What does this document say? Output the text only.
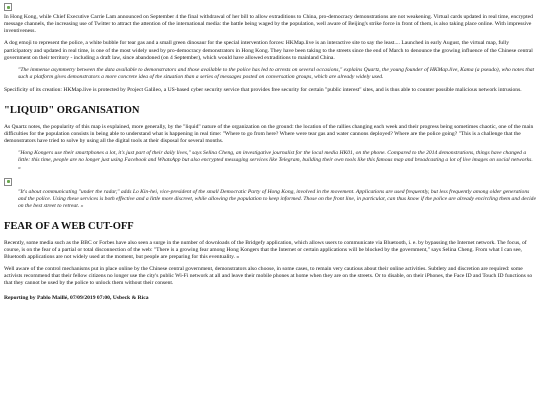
In Hong Kong, while Chief Executive Carrie Lam announced on September 4 the final withdrawal of her bill to allow extraditions to China, pro-democracy demonstrations are not weakening. Virtual cards updated in real time, encrypted message channels, the increasing use of Twitter to attract the attention of the international media: the battle being waged by the population, well aware of Beijing's strike force in front of them, is also taking place online. With impressive inventiveness.

A dog emoji to represent the police, a white bubble for tear gas and a small green dinosaur for the special intervention forces: HKMap.live is an interactive site to say the least.... Launched in early August, the virtual map, fully participatory and updated in real time, is one of the most widely used by pro-democracy demonstrators in Hong Kong. They have been taking to the streets since the end of March to denounce the growing influence of the Chinese central government on their territory - including a draft law, since abandoned (on 4 September), which would have allowed extraditions to mainland China.

"The immense asymmetry between the data available to demonstrators and those available to the police has led to arrests on several occasions," explains Quartz, the young founder of HKMap.live, Kama (a pseudo), who notes that such a platform gives demonstrators a more concrete idea of the situation than a series of messages posted on conversation groups, which are already widely used.

Specificity of its creation: HKMap.live is protected by Project Galileo, a US-based cyber security service that provides free security for certain "public interest" sites, and is thus able to counter possible malicious network intrusions.

"LIQUID" ORGANISATION

As Quartz notes, the popularity of this map is explained, more generally, by the "liquid" nature of the organization on the ground: the location of the rallies changing each week and their progress being sometimes chaotic, one of the main difficulties for the population consists in being able to understand what is happening in real time: "Where to go from here? Where were tear gas and water cannons deployed? Where are the police going? "This is a challenge that the demonstrators have tried to solve by using all the digital tools at their disposal for several months.

"Hong Kongers use their smartphones a lot, it's just part of their daily lives," says Selina Cheng, an investigative journalist for the local media HK01, on the phone. Compared to the 2014 demonstrations, things have changed a little: this time, people are no longer just using Facebook and WhatsApp but also encrypted messaging services like Telegram, building their own tools like this famous map and broadcasting a lot of live images on social networks. »
"It's about communicating "under the radar," adds Lo Kin-hei, vice-president of the small Democratic Party of Hong Kong, involved in the movement. Applications are used frequently, but less frequently among older generations and the police. Using these services is both effective and a little more discreet, while allowing the population to keep informed. Those on the front line, in particular, can thus know if the police are already encircling them and decide on the best street to retreat. »
FEAR OF A WEB CUT-OFF

Recently, some media such as the BBC or Forbes have also seen a surge in the number of downloads of the Bridgefy application, which allows users to communicate via Bluetooth, i. e. by bypassing the Internet network. The focus, of course, is on the fear of a partial or total disconnection of the web: "There is a growing fear among Hong Kongers that the Internet or certain applications will be blocked by the government," says Selina Cheng. From what I can see, Bluetooth applications are not widely used at the moment, but people are preparing for this eventuality. »

Well aware of the control mechanisms put in place online by the Chinese central government, demonstrators also choose, in some cases, to remain very cautious about their online activities. Subtlety and discretion are required: some activists recommend that their fellow citizens no longer use the city's public Wi-Fi network at all and leave their mobile phones at home when they are on the streets. Or to disable, on their iPhones, the Face ID and Touch ID functions so that they cannot be used by the police to unlock them without their consent.

Reporting by Pablo Maillé, 07/09/2019 07:00, Usbeck & Rica
